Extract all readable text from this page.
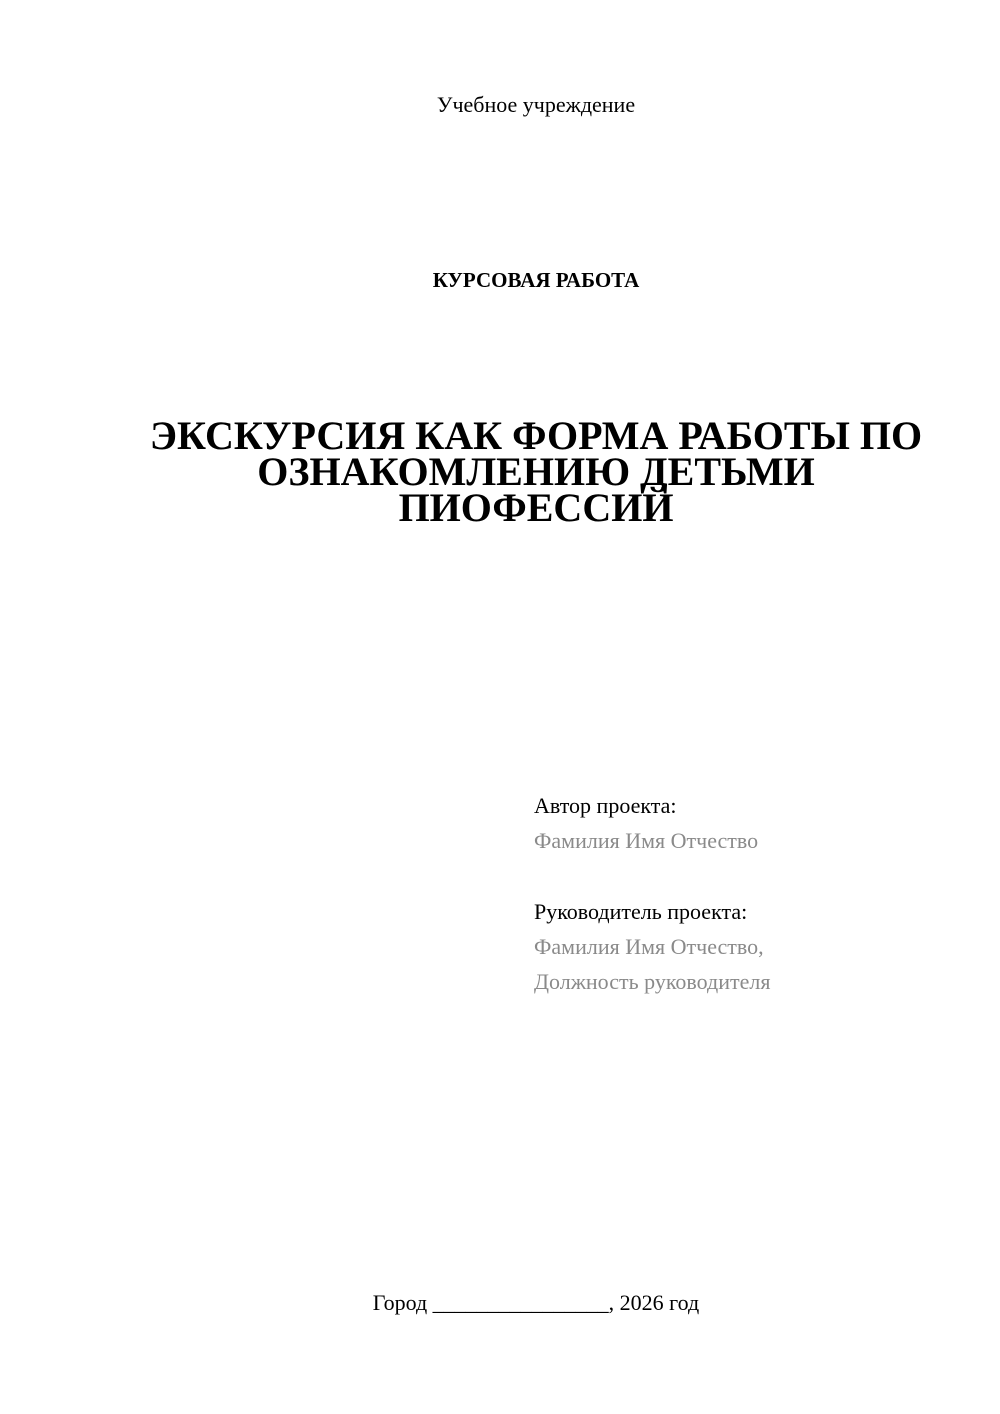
Учебное учреждение
КУРСОВАЯ РАБОТА
ЭКСКУРСИЯ КАК ФОРМА РАБОТЫ ПО
ОЗНАКОМЛЕНИЮ ДЕТЬМИ
ПИОФЕССИЙ
Автор проекта:
Фамилия Имя Отчество
Руководитель проекта:
Фамилия Имя Отчество,
Должность руководителя
Город ________________, 2026 год
